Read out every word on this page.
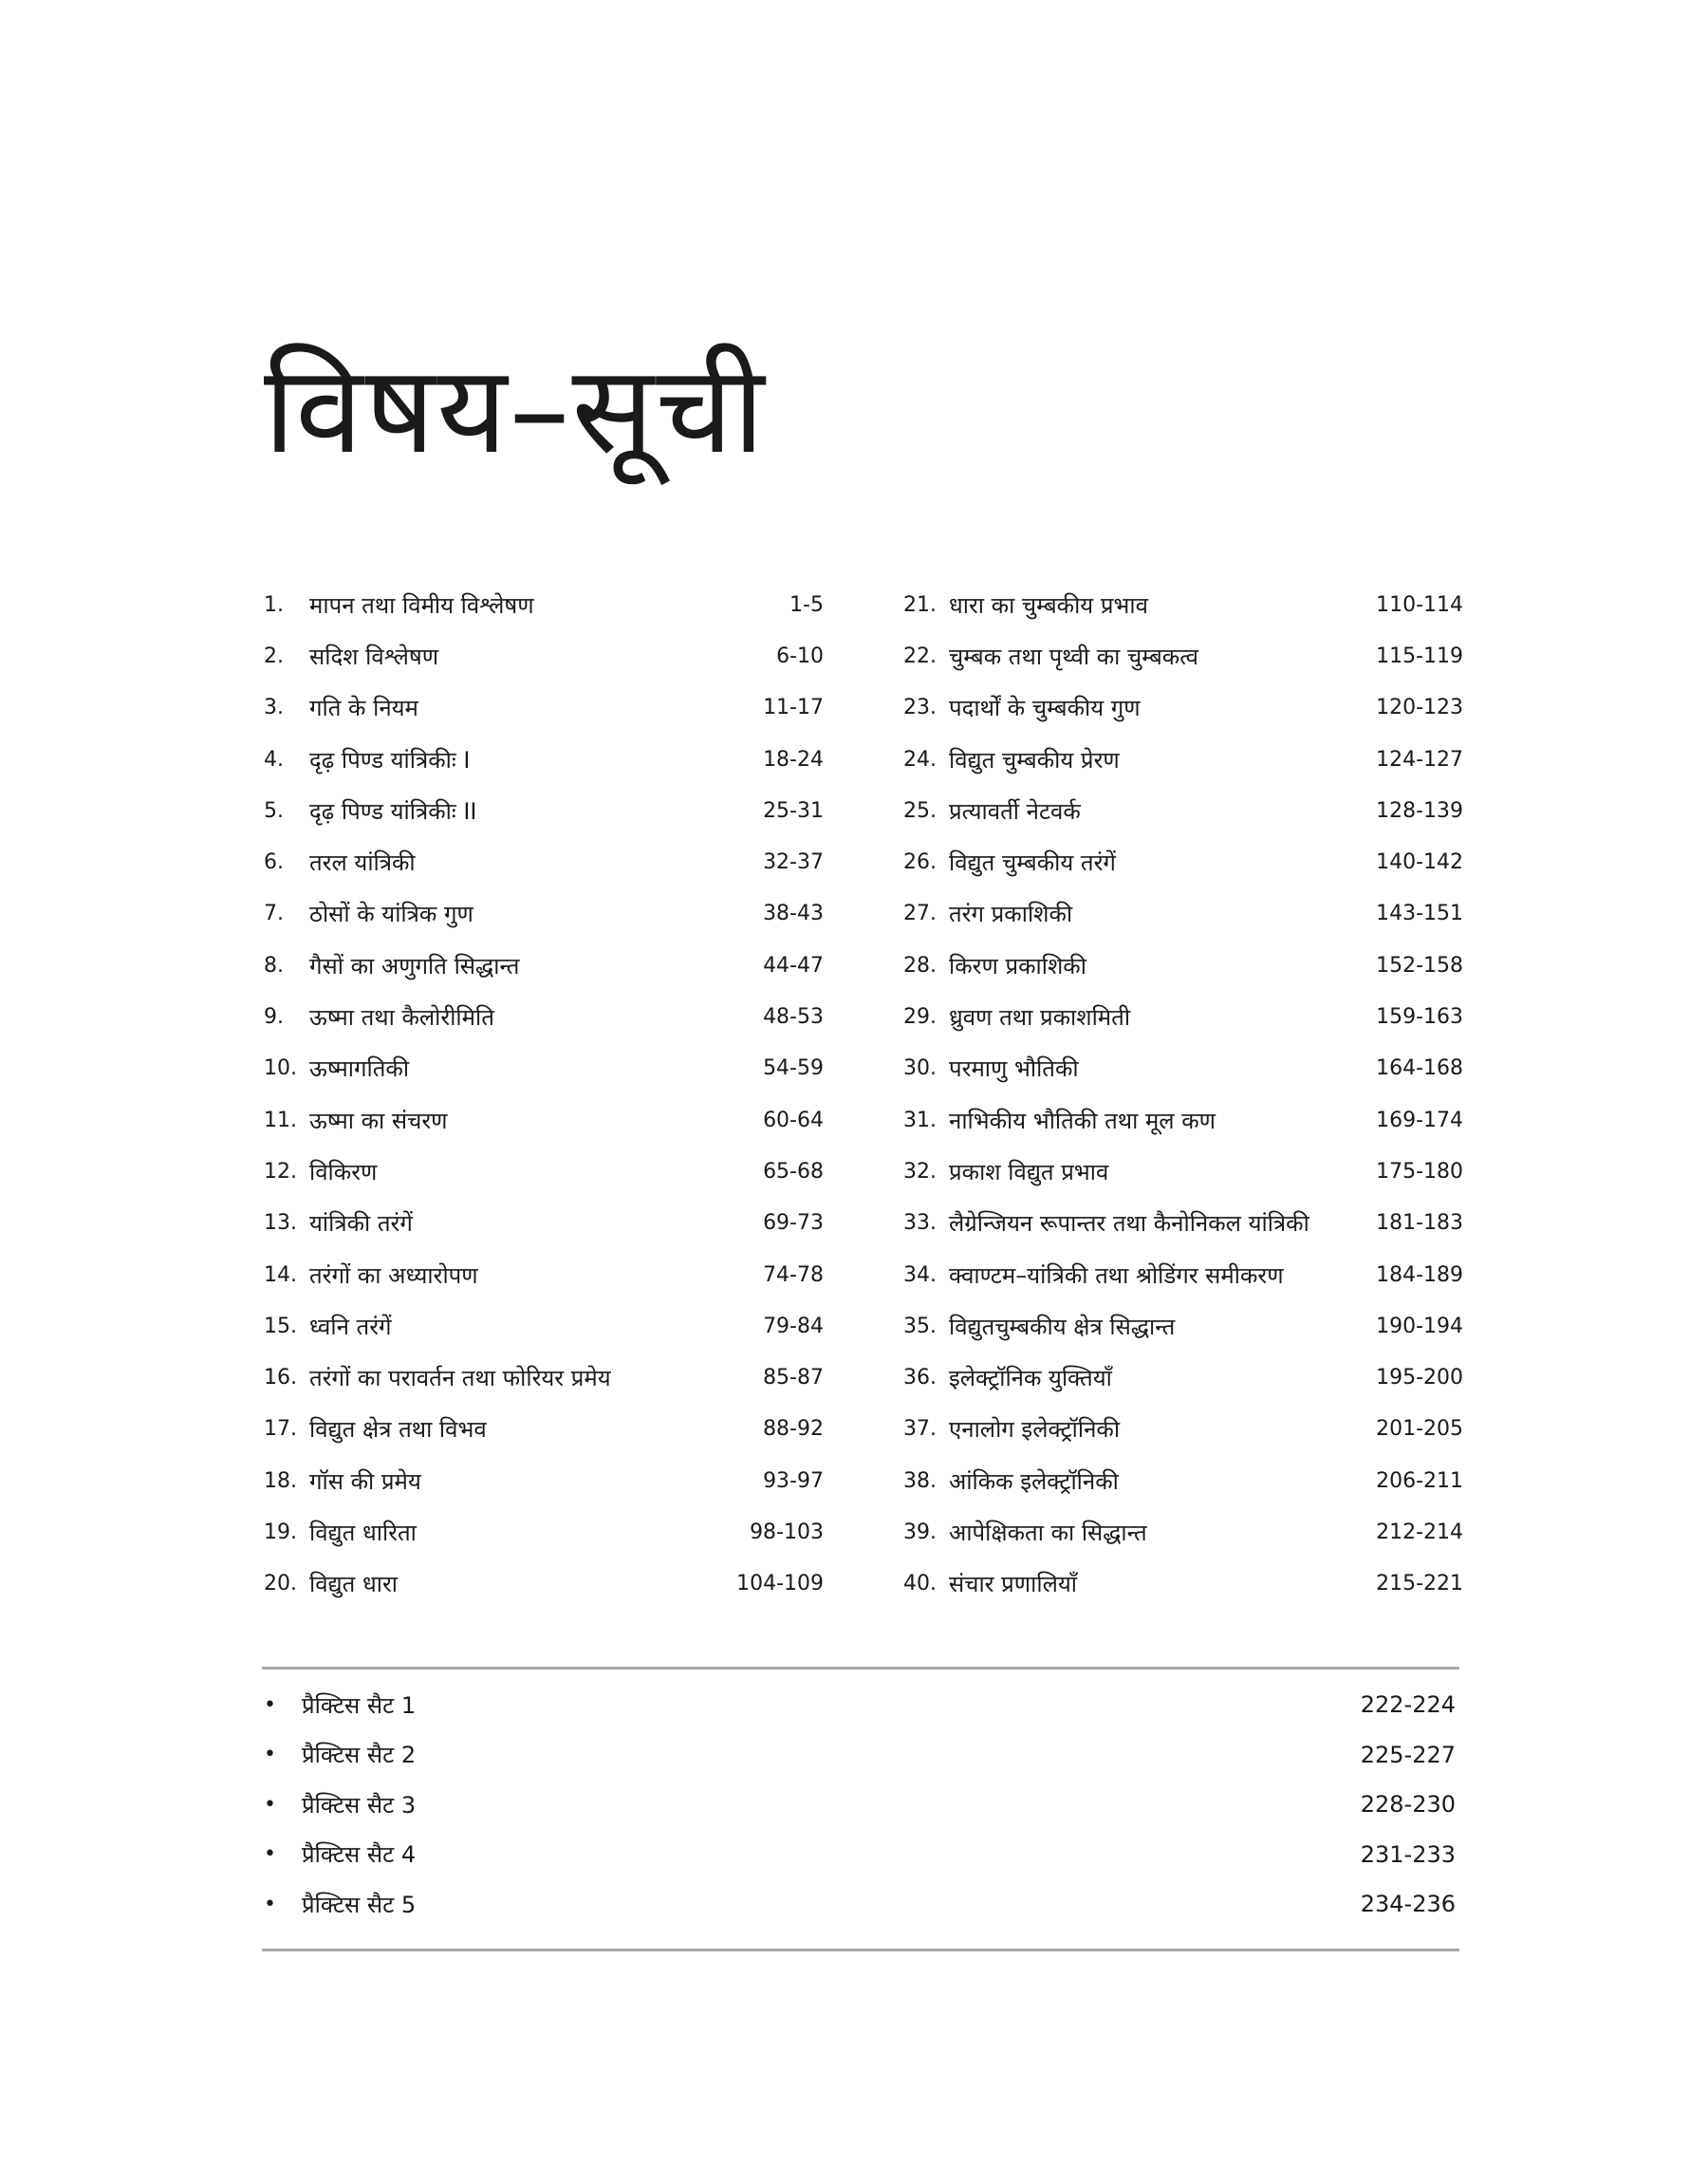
विषय–सूची
1.	मापन तथा विमीय विश्लेषण	1-5
2.	सदिश विश्लेषण	6-10
3.	गति के नियम	11-17
4.	दृढ़ पिण्ड यांत्रिकीः I	18-24
5.	दृढ़ पिण्ड यांत्रिकीः II	25-31
6.	तरल यांत्रिकी	32-37
7.	ठोसों के यांत्रिक गुण	38-43
8.	गैसों का अणुगति सिद्धान्त	44-47
9.	ऊष्मा तथा कैलोरीमिति	48-53
10. ऊष्मागतिकी	54-59
11. ऊष्मा का संचरण	60-64
12. विकिरण	65-68
13. यांत्रिकी तरंगें	69-73
14. तरंगों का अध्यारोपण	74-78
15. ध्वनि तरंगें	79-84
16. तरंगों का परावर्तन तथा फोरियर प्रमेय	85-87
17. विद्युत क्षेत्र तथा विभव	88-92
18. गॉस की प्रमेय	93-97
19. विद्युत धारिता	98-103
20. विद्युत धारा	104-109
21. धारा का चुम्बकीय प्रभाव	110-114
22. चुम्बक तथा पृथ्वी का चुम्बकत्व	115-119
23. पदार्थों के चुम्बकीय गुण	120-123
24. विद्युत चुम्बकीय प्रेरण	124-127
25. प्रत्यावर्ती नेटवर्क	128-139
26. विद्युत चुम्बकीय तरंगें	140-142
27. तरंग प्रकाशिकी	143-151
28. किरण प्रकाशिकी	152-158
29. ध्रुवण तथा प्रकाशमिती	159-163
30. परमाणु भौतिकी	164-168
31. नाभिकीय भौतिकी तथा मूल कण	169-174
32. प्रकाश विद्युत प्रभाव	175-180
33. लैग्रेन्जियन रूपान्तर तथा कैनोनिकल यांत्रिकी	181-183
34. क्वाण्टम–यांत्रिकी तथा श्रोडिंगर समीकरण	184-189
35. विद्युतचुम्बकीय क्षेत्र सिद्धान्त	190-194
36. इलेक्ट्रॉनिक युक्तियाँ	195-200
37. एनालोग इलेक्ट्रॉनिकी	201-205
38. आंकिक इलेक्ट्रॉनिकी	206-211
39. आपेक्षिकता का सिद्धान्त	212-214
40. संचार प्रणालियाँ	215-221
•	प्रैक्टिस सैट 1	222-224
•	प्रैक्टिस सैट 2	225-227
•	प्रैक्टिस सैट 3	228-230
•	प्रैक्टिस सैट 4	231-233
•	प्रैक्टिस सैट 5	234-236
